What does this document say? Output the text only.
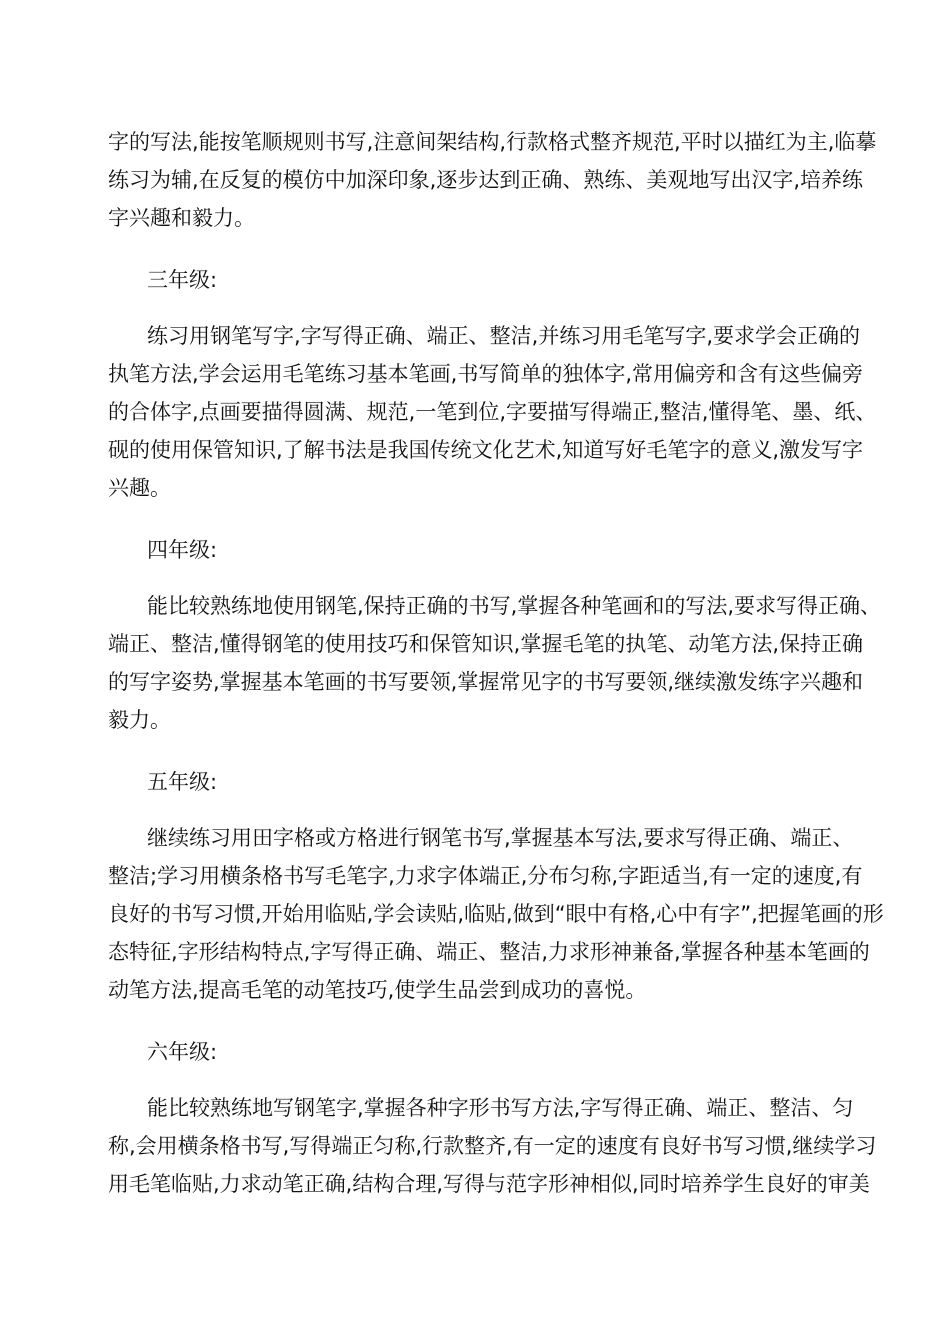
字的写法,能按笔顺规则书写,注意间架结构,行款格式整齐规范,平时以描红为主,临摹
练习为辅,在反复的模仿中加深印象,逐步达到正确、熟练、美观地写出汉字,培养练
字兴趣和毅力。
三年级:
练习用钢笔写字,字写得正确、端正、整洁,并练习用毛笔写字,要求学会正确的
执笔方法,学会运用毛笔练习基本笔画,书写简单的独体字,常用偏旁和含有这些偏旁
的合体字,点画要描得圆满、规范,一笔到位,字要描写得端正,整洁,懂得笔、墨、纸、
砚的使用保管知识,了解书法是我国传统文化艺术,知道写好毛笔字的意义,激发写字
兴趣。
四年级:
能比较熟练地使用钢笔,保持正确的书写,掌握各种笔画和的写法,要求写得正确、
端正、整洁,懂得钢笔的使用技巧和保管知识,掌握毛笔的执笔、动笔方法,保持正确
的写字姿势,掌握基本笔画的书写要领,掌握常见字的书写要领,继续激发练字兴趣和
毅力。
五年级:
继续练习用田字格或方格进行钢笔书写,掌握基本写法,要求写得正确、端正、
整洁;学习用横条格书写毛笔字,力求字体端正,分布匀称,字距适当,有一定的速度,有
良好的书写习惯,开始用临贴,学会读贴,临贴,做到“眼中有格,心中有字”,把握笔画的形
态特征,字形结构特点,字写得正确、端正、整洁,力求形神兼备,掌握各种基本笔画的
动笔方法,提高毛笔的动笔技巧,使学生品尝到成功的喜悦。
六年级:
能比较熟练地写钢笔字,掌握各种字形书写方法,字写得正确、端正、整洁、匀
称,会用横条格书写,写得端正匀称,行款整齐,有一定的速度有良好书写习惯,继续学习
用毛笔临贴,力求动笔正确,结构合理,写得与范字形神相似,同时培养学生良好的审美
